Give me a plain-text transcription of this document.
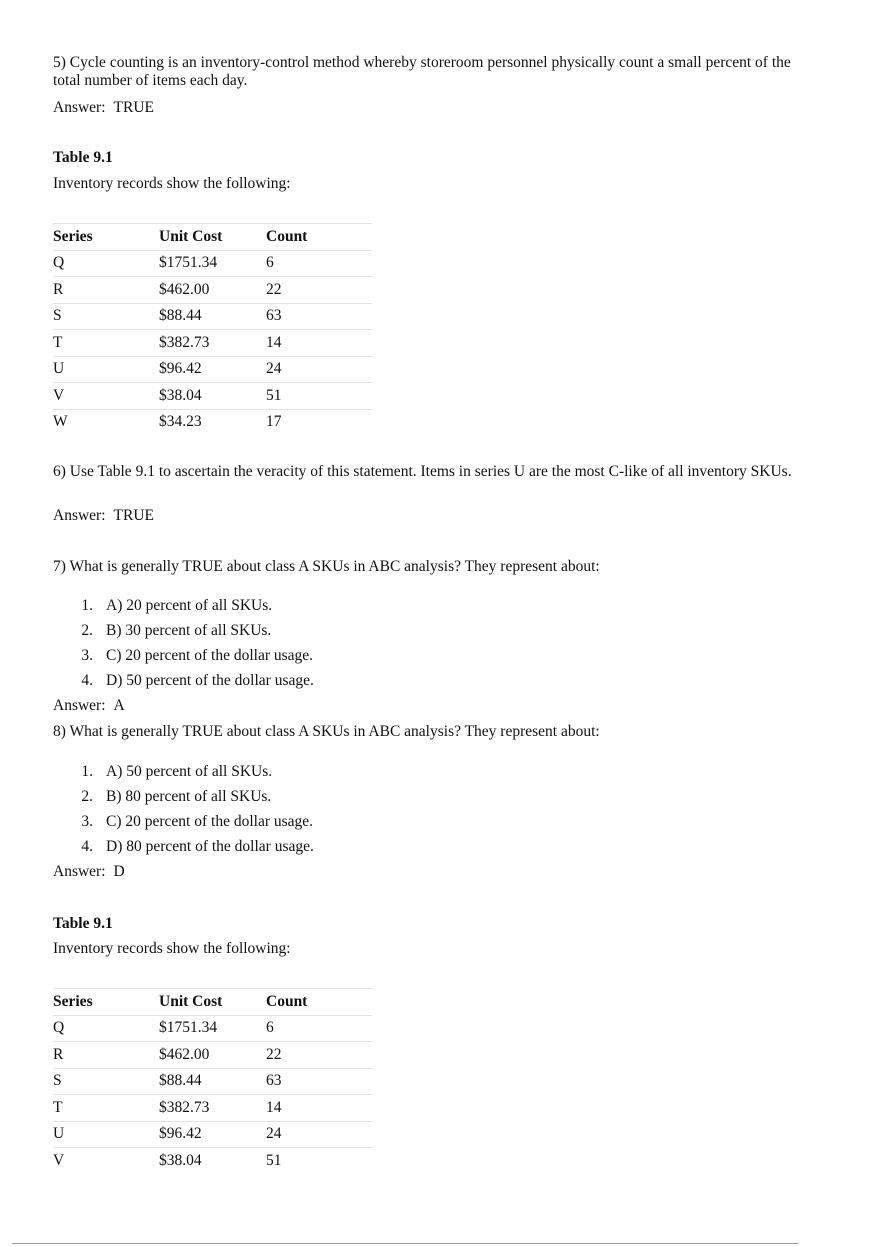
5) Cycle counting is an inventory-control method whereby storeroom personnel physically count a small percent of the total number of items each day.
Answer: TRUE
Table 9.1
Inventory records show the following:
Series	Unit Cost	Count
Q	$1751.34	6
R	$462.00	22
S	$88.44	63
T	$382.73	14
U	$96.42	24
V	$38.04	51
W	$34.23	17
6) Use Table 9.1 to ascertain the veracity of this statement. Items in series U are the most C-like of all inventory SKUs.
Answer: TRUE
7) What is generally TRUE about class A SKUs in ABC analysis? They represent about:
1. A) 20 percent of all SKUs.
2. B) 30 percent of all SKUs.
3. C) 20 percent of the dollar usage.
4. D) 50 percent of the dollar usage.
Answer: A
8) What is generally TRUE about class A SKUs in ABC analysis? They represent about:
1. A) 50 percent of all SKUs.
2. B) 80 percent of all SKUs.
3. C) 20 percent of the dollar usage.
4. D) 80 percent of the dollar usage.
Answer: D
Table 9.1
Inventory records show the following:
Series	Unit Cost	Count
Q	$1751.34	6
R	$462.00	22
S	$88.44	63
T	$382.73	14
U	$96.42	24
V	$38.04	51
